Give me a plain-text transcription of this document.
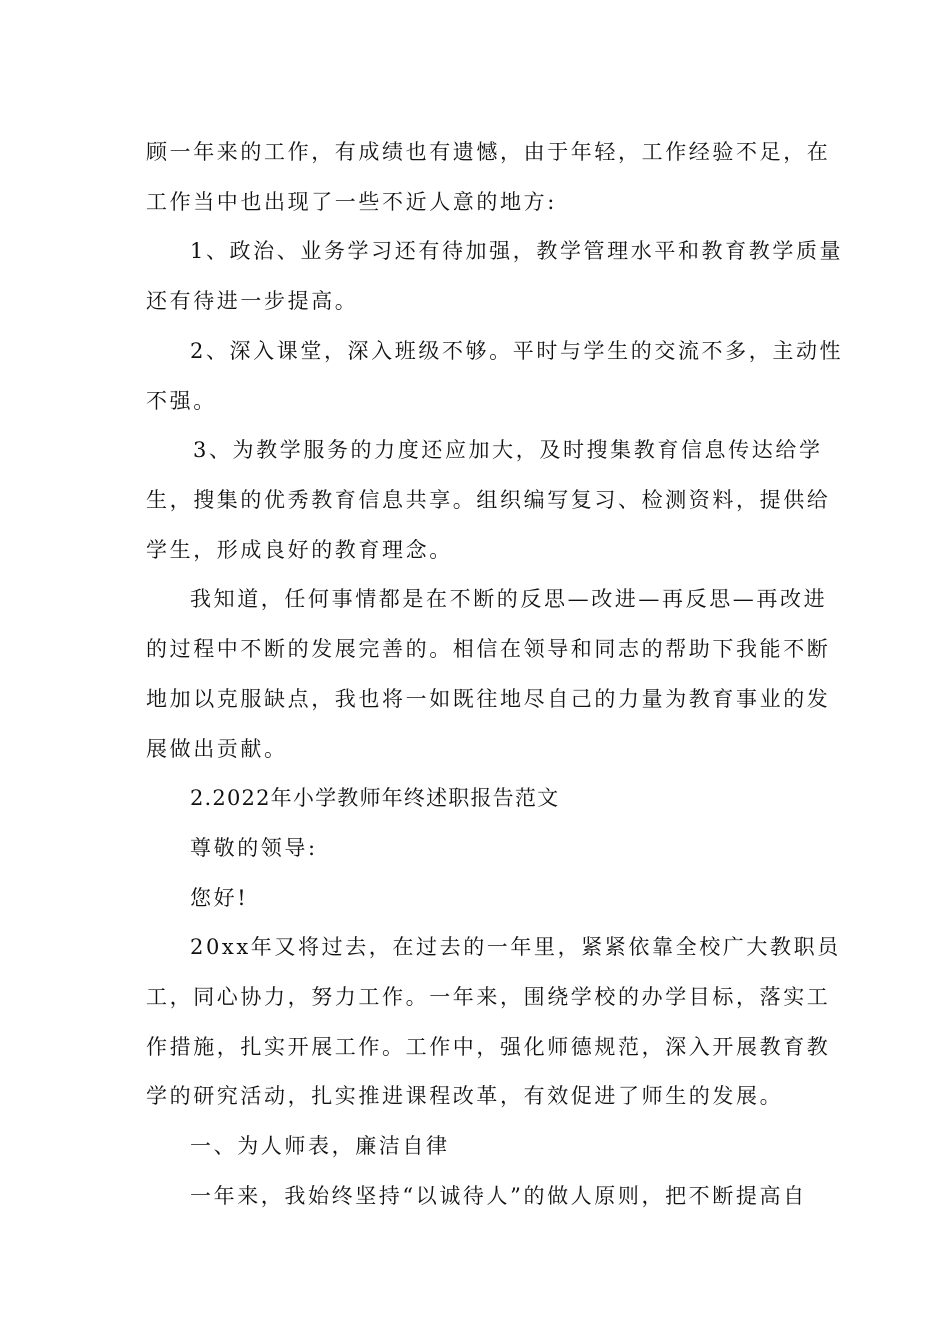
顾一年来的工作，有成绩也有遗憾，由于年轻，工作经验不足，在
工作当中也出现了一些不近人意的地方:
1、政治、业务学习还有待加强，教学管理水平和教育教学质量
还有待进一步提高。
2、深入课堂，深入班级不够。平时与学生的交流不多，主动性
不强。
3、为教学服务的力度还应加大，及时搜集教育信息传达给学
生，搜集的优秀教育信息共享。组织编写复习、检测资料，提供给
学生，形成良好的教育理念。
我知道，任何事情都是在不断的反思—改进—再反思—再改进
的过程中不断的发展完善的。相信在领导和同志的帮助下我能不断
地加以克服缺点，我也将一如既往地尽自己的力量为教育事业的发
展做出贡献。
2.2022年小学教师年终述职报告范文
尊敬的领导:
您好!
20xx年又将过去，在过去的一年里，紧紧依靠全校广大教职员
工，同心协力，努力工作。一年来，围绕学校的办学目标，落实工
作措施，扎实开展工作。工作中，强化师德规范，深入开展教育教
学的研究活动，扎实推进课程改革，有效促进了师生的发展。
一、为人师表，廉洁自律
一年来，我始终坚持“以诚待人”的做人原则，把不断提高自
